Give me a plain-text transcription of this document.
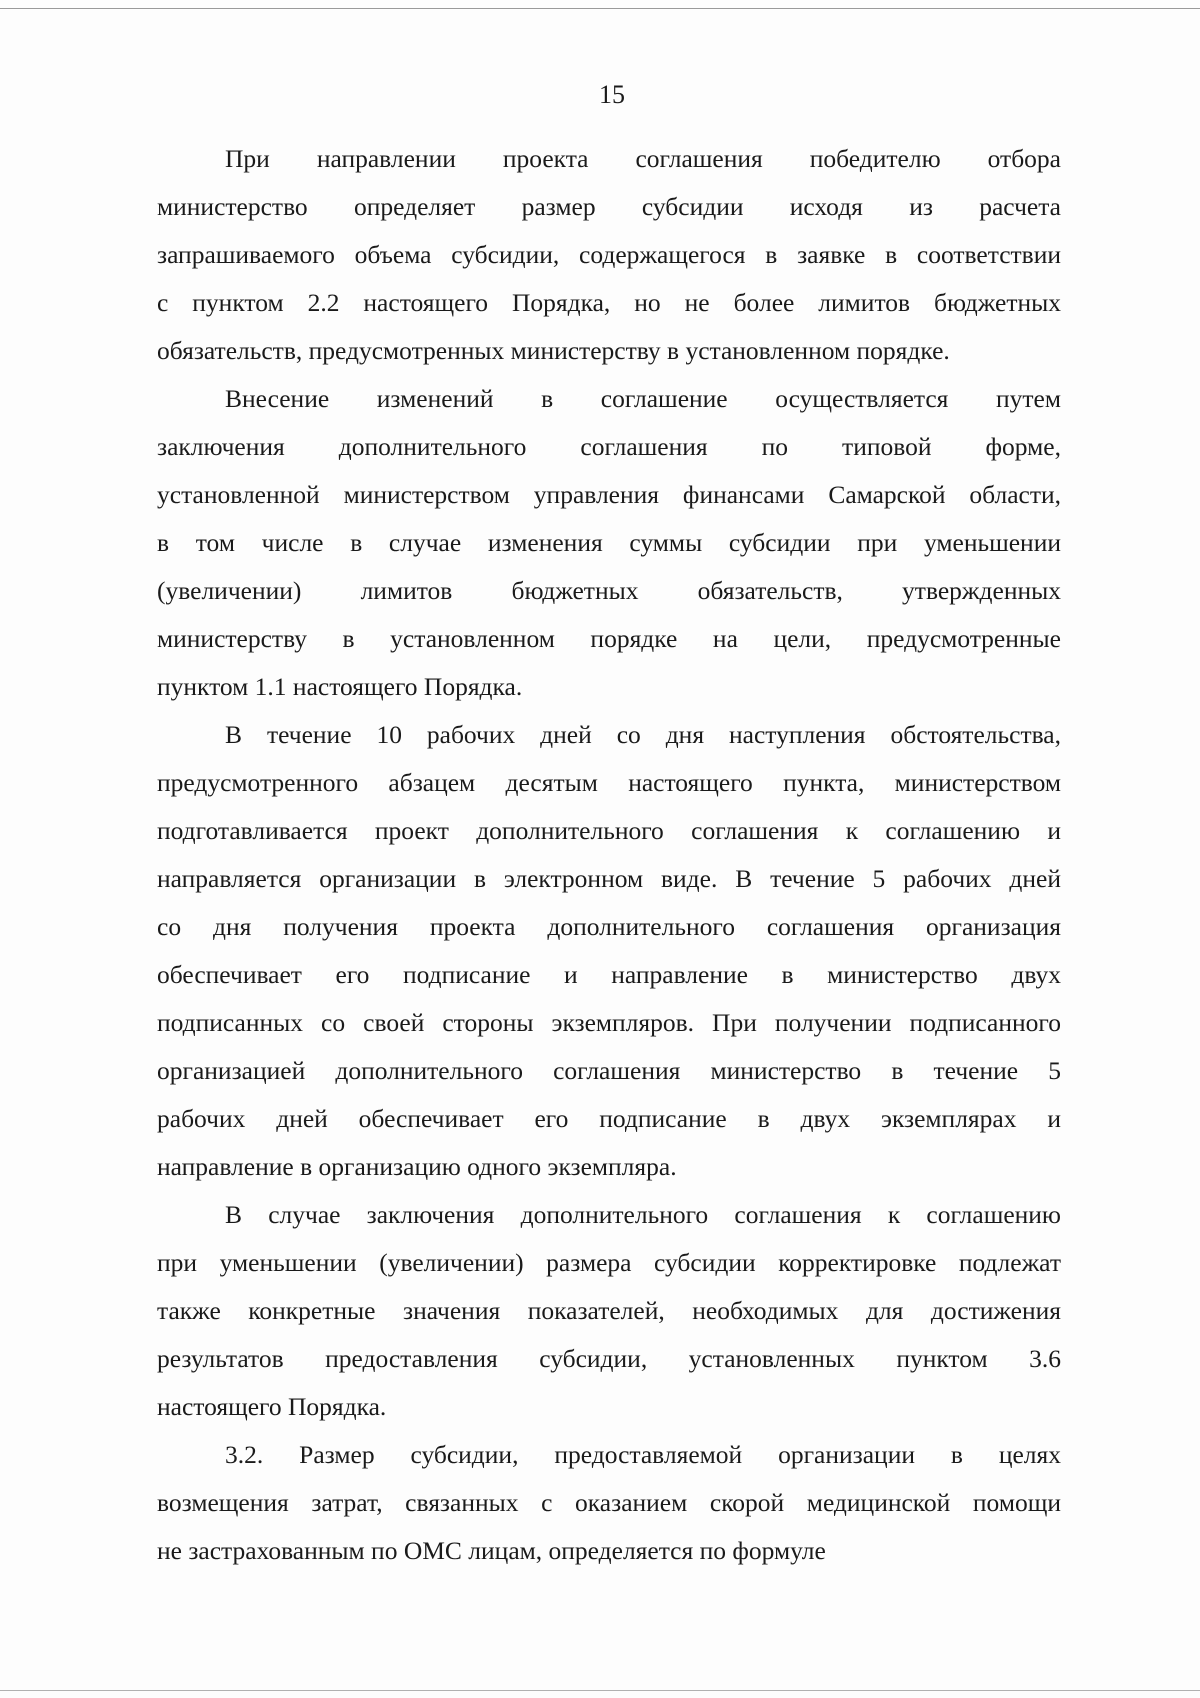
15
При направлении проекта соглашения победителю отбора
министерство определяет размер субсидии исходя из расчета
запрашиваемого объема субсидии, содержащегося в заявке в соответствии
с пунктом 2.2 настоящего Порядка, но не более лимитов бюджетных
обязательств, предусмотренных министерству в установленном порядке.
Внесение изменений в соглашение осуществляется путем
заключения дополнительного соглашения по типовой форме,
установленной министерством управления финансами Самарской области,
в том числе в случае изменения суммы субсидии при уменьшении
(увеличении) лимитов бюджетных обязательств, утвержденных
министерству в установленном порядке на цели, предусмотренные
пунктом 1.1 настоящего Порядка.
В течение 10 рабочих дней со дня наступления обстоятельства,
предусмотренного абзацем десятым настоящего пункта, министерством
подготавливается проект дополнительного соглашения к соглашению и
направляется организации в электронном виде. В течение 5 рабочих дней
со дня получения проекта дополнительного соглашения организация
обеспечивает его подписание и направление в министерство двух
подписанных со своей стороны экземпляров. При получении подписанного
организацией дополнительного соглашения министерство в течение 5
рабочих дней обеспечивает его подписание в двух экземплярах и
направление в организацию одного экземпляра.
В случае заключения дополнительного соглашения к соглашению
при уменьшении (увеличении) размера субсидии корректировке подлежат
также конкретные значения показателей, необходимых для достижения
результатов предоставления субсидии, установленных пунктом 3.6
настоящего Порядка.
3.2. Размер субсидии, предоставляемой организации в целях
возмещения затрат, связанных с оказанием скорой медицинской помощи
не застрахованным по ОМС лицам, определяется по формуле
